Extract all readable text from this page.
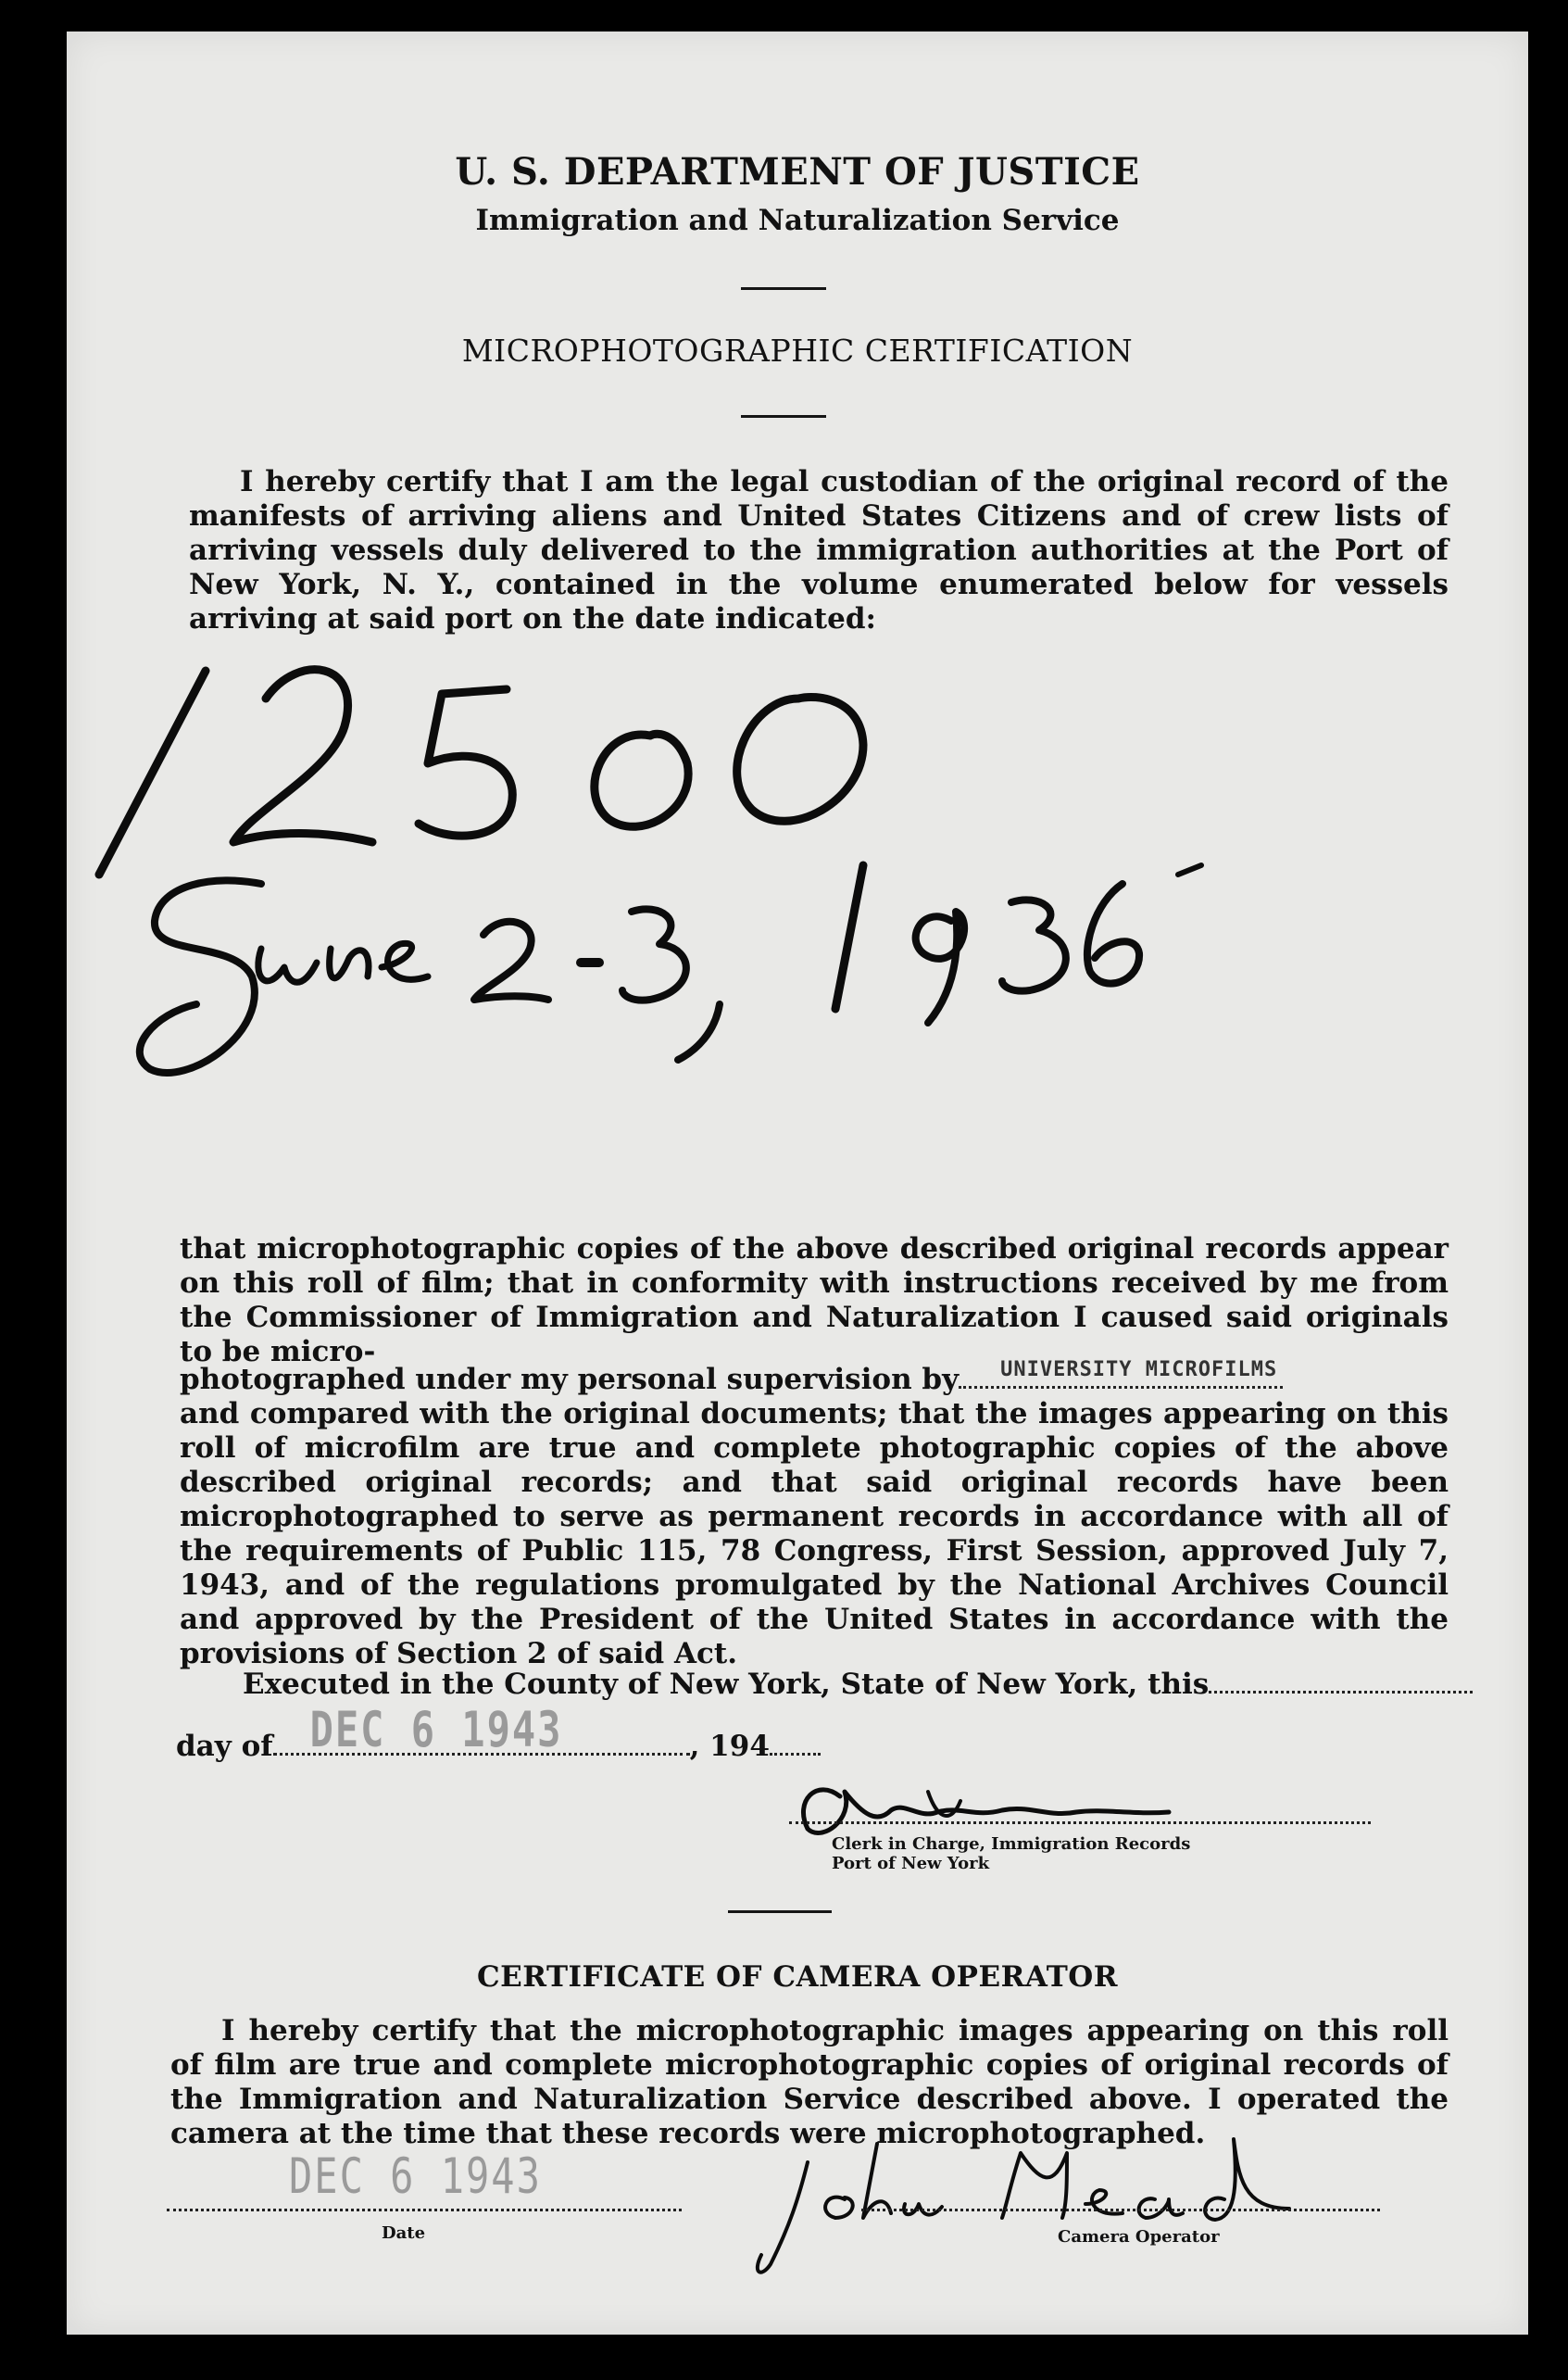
U. S. DEPARTMENT OF JUSTICE
Immigration and Naturalization Service
MICROPHOTOGRAPHIC CERTIFICATION
I hereby certify that I am the legal custodian of the original record of the manifests of arriving aliens and United States Citizens and of crew lists of arriving vessels duly delivered to the immigration authorities at the Port of New York, N. Y., contained in the volume enumerated below for vessels arriving at said port on the date indicated:
that microphotographic copies of the above described original records appear on this roll of film; that in conformity with instructions received by me from the Commissioner of Immigration and Naturalization I caused said originals to be micro-
photographed under my personal supervision by UNIVERSITY MICROFILMS
and compared with the original documents; that the images appearing on this roll of microfilm are true and complete photographic copies of the above described original records; and that said original records have been microphotographed to serve as permanent records in accordance with all of the requirements of Public 115, 78 Congress, First Session, approved July 7, 1943, and of the regulations promulgated by the National Archives Council and approved by the President of the United States in accordance with the provisions of Section 2 of said Act.
Executed in the County of New York, State of New York, this
day of DEC 6 1943	, 194
Clerk in Charge, Immigration Records
Port of New York
CERTIFICATE OF CAMERA OPERATOR
I hereby certify that the microphotographic images appearing on this roll of film are true and complete microphotographic copies of original records of the Immigration and Naturalization Service described above. I operated the camera at the time that these records were microphotographed.
DEC 6 1943
Date	Camera Operator
